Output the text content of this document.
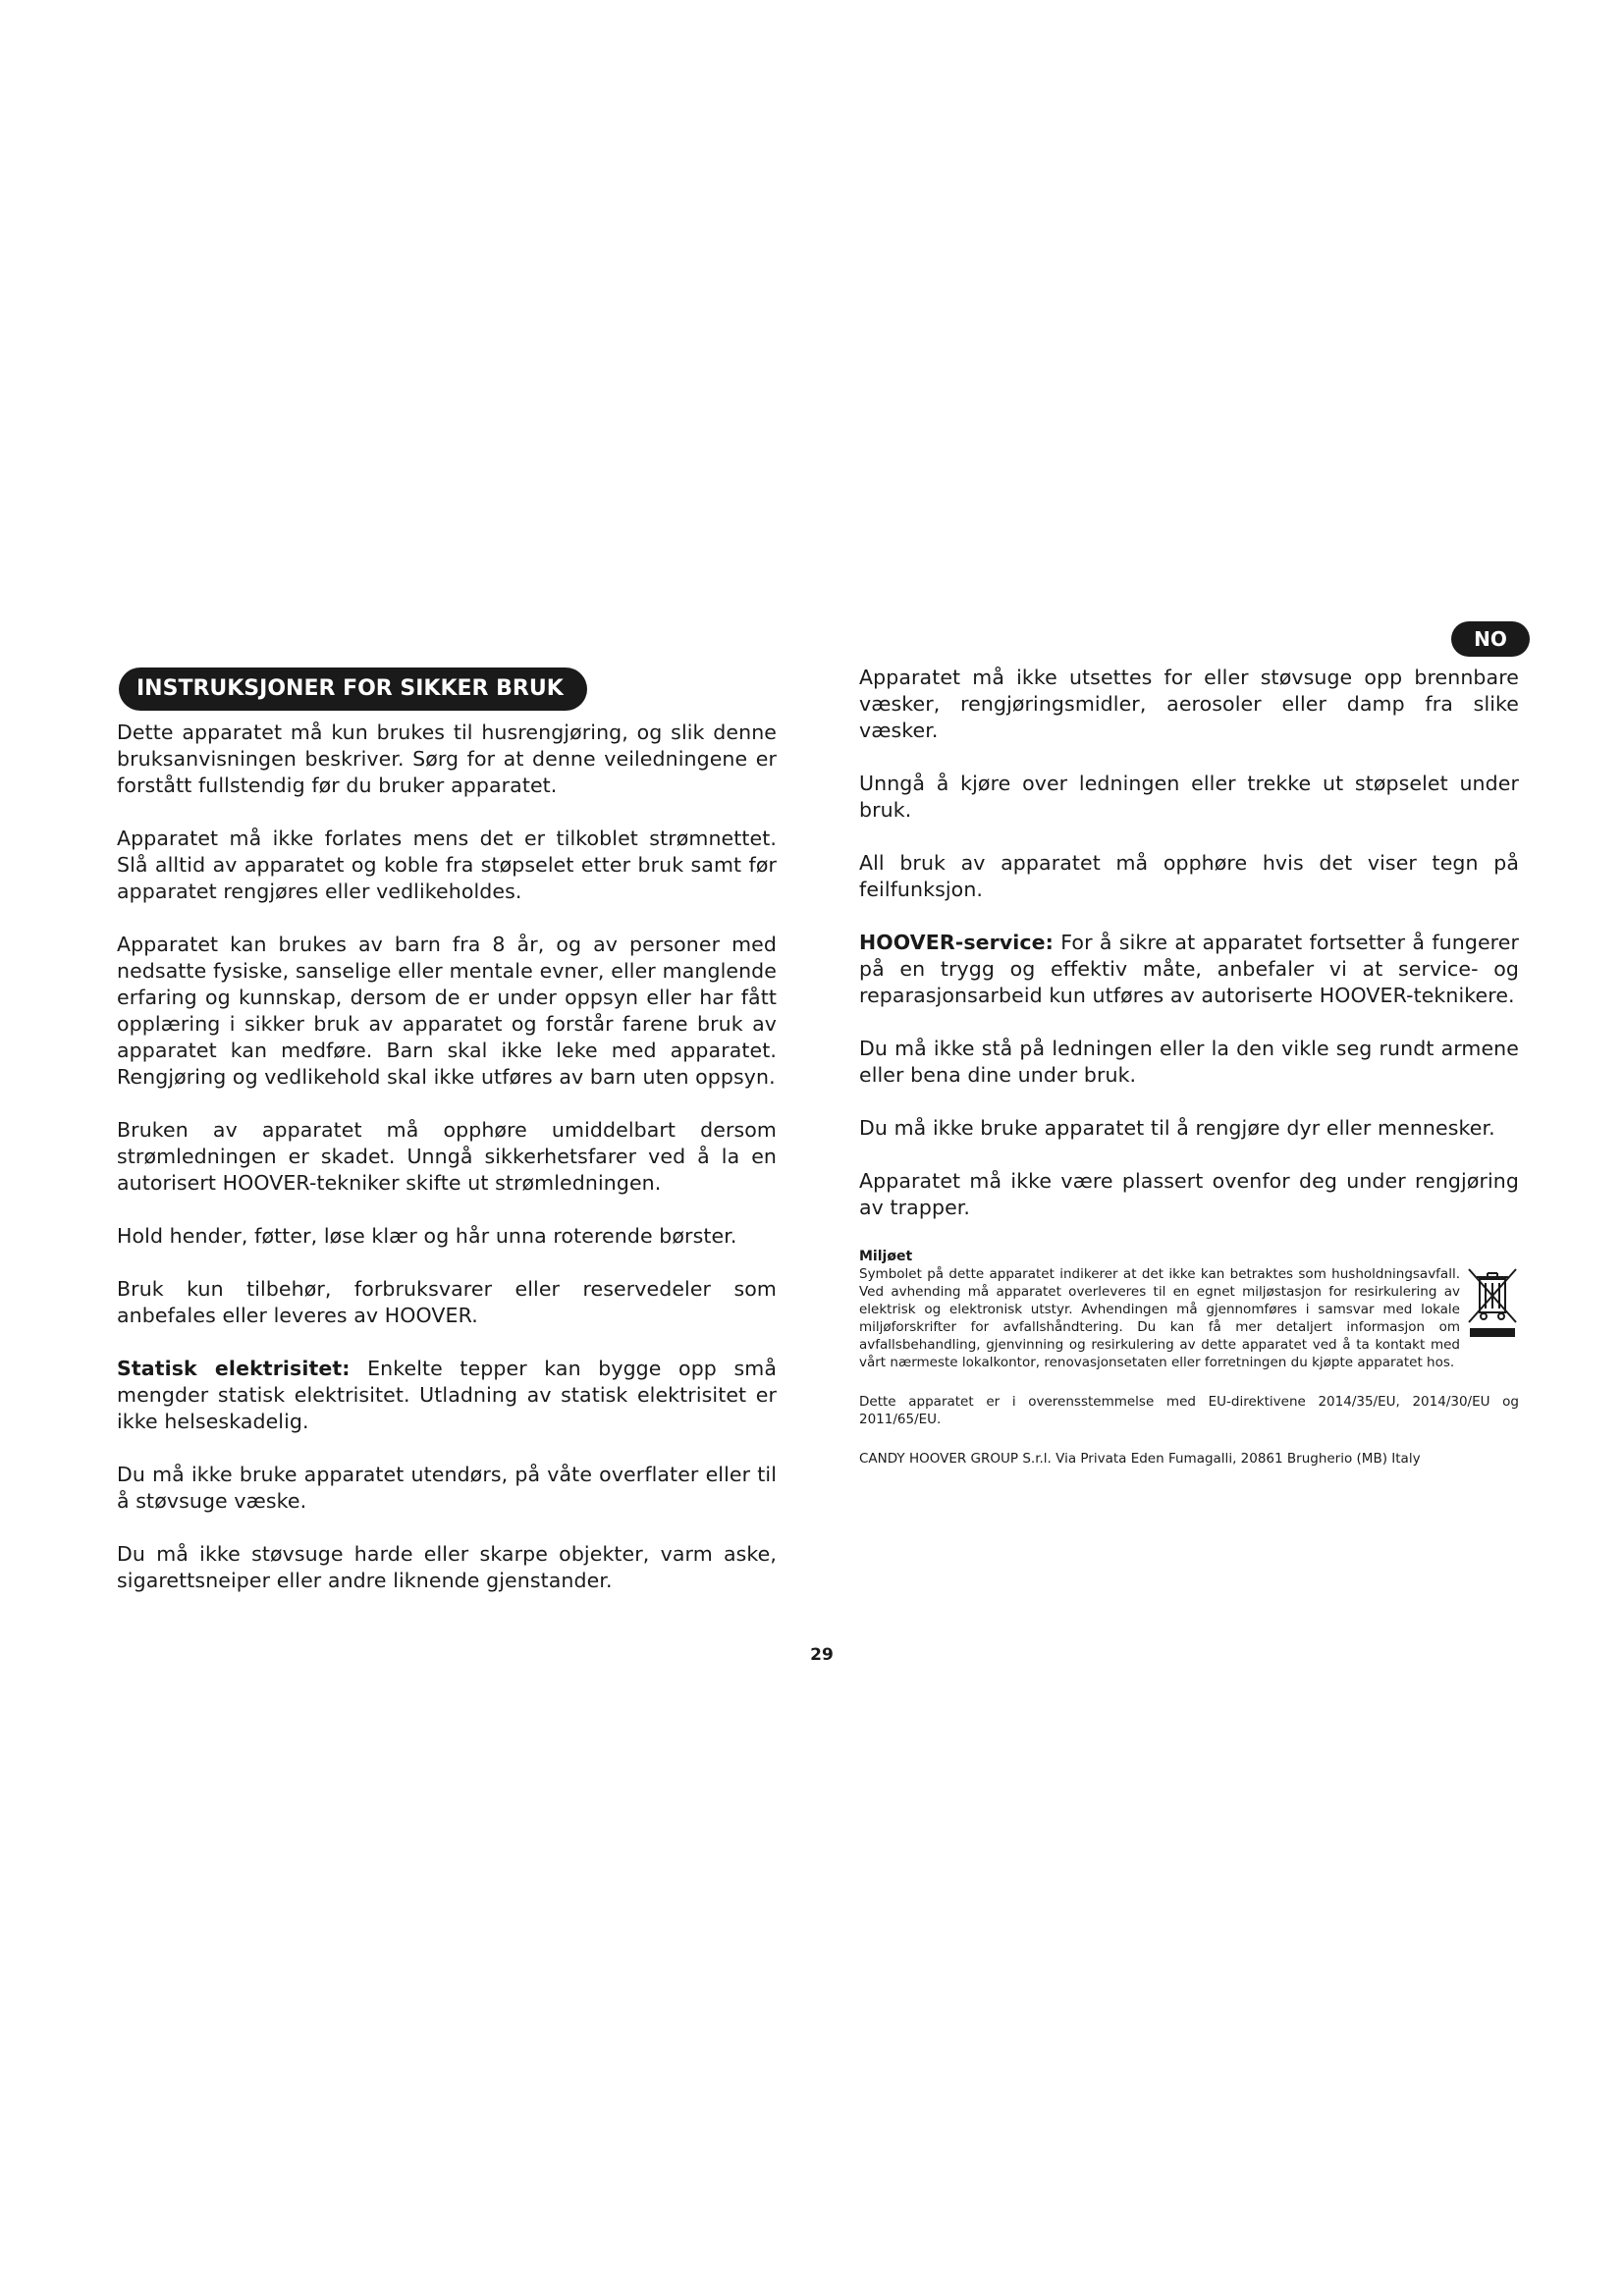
NO
INSTRUKSJONER FOR SIKKER BRUK

Dette apparatet må kun brukes til husrengjøring, og slik denne bruksanvisningen beskriver. Sørg for at denne veiledningene er forstått fullstendig før du bruker apparatet.

Apparatet må ikke forlates mens det er tilkoblet strømnettet. Slå alltid av apparatet og koble fra støpselet etter bruk samt før apparatet rengjøres eller vedlikeholdes.

Apparatet kan brukes av barn fra 8 år, og av personer med nedsatte fysiske, sanselige eller mentale evner, eller manglende erfaring og kunnskap, dersom de er under oppsyn eller har fått opplæring i sikker bruk av apparatet og forstår farene bruk av apparatet kan medføre. Barn skal ikke leke med apparatet. Rengjøring og vedlikehold skal ikke utføres av barn uten oppsyn.

Bruken av apparatet må opphøre umiddelbart dersom strømledningen er skadet. Unngå sikkerhetsfarer ved å la en autorisert HOOVER-tekniker skifte ut strømledningen.

Hold hender, føtter, løse klær og hår unna roterende børster.

Bruk kun tilbehør, forbruksvarer eller reservedeler som anbefales eller leveres av HOOVER.

Statisk elektrisitet: Enkelte tepper kan bygge opp små mengder statisk elektrisitet. Utladning av statisk elektrisitet er ikke helseskadelig.

Du må ikke bruke apparatet utendørs, på våte overflater eller til å støvsuge væske.

Du må ikke støvsuge harde eller skarpe objekter, varm aske, sigarettsneiper eller andre liknende gjenstander.

Apparatet må ikke utsettes for eller støvsuge opp brennbare væsker, rengjøringsmidler, aerosoler eller damp fra slike væsker.

Unngå å kjøre over ledningen eller trekke ut støpselet under bruk.

All bruk av apparatet må opphøre hvis det viser tegn på feilfunksjon.

HOOVER-service: For å sikre at apparatet fortsetter å fungerer på en trygg og effektiv måte, anbefaler vi at service- og reparasjonsarbeid kun utføres av autoriserte HOOVER-teknikere.

Du må ikke stå på ledningen eller la den vikle seg rundt armene eller bena dine under bruk.

Du må ikke bruke apparatet til å rengjøre dyr eller mennesker.

Apparatet må ikke være plassert ovenfor deg under rengjøring av trapper.

Miljøet

Symbolet på dette apparatet indikerer at det ikke kan betraktes som husholdningsavfall. Ved avhending må apparatet overleveres til en egnet miljøstasjon for resirkulering av elektrisk og elektronisk utstyr. Avhendingen må gjennomføres i samsvar med lokale miljøforskrifter for avfallshåndtering. Du kan få mer detaljert informasjon om avfallsbehandling, gjenvinning og resirkulering av dette apparatet ved å ta kontakt med vårt nærmeste lokalkontor, renovasjonsetaten eller forretningen du kjøpte apparatet hos.

Dette apparatet er i overensstemmelse med EU-direktivene 2014/35/EU, 2014/30/EU og 2011/65/EU.

CANDY HOOVER GROUP S.r.l. Via Privata Eden Fumagalli, 20861 Brugherio (MB) Italy

29
